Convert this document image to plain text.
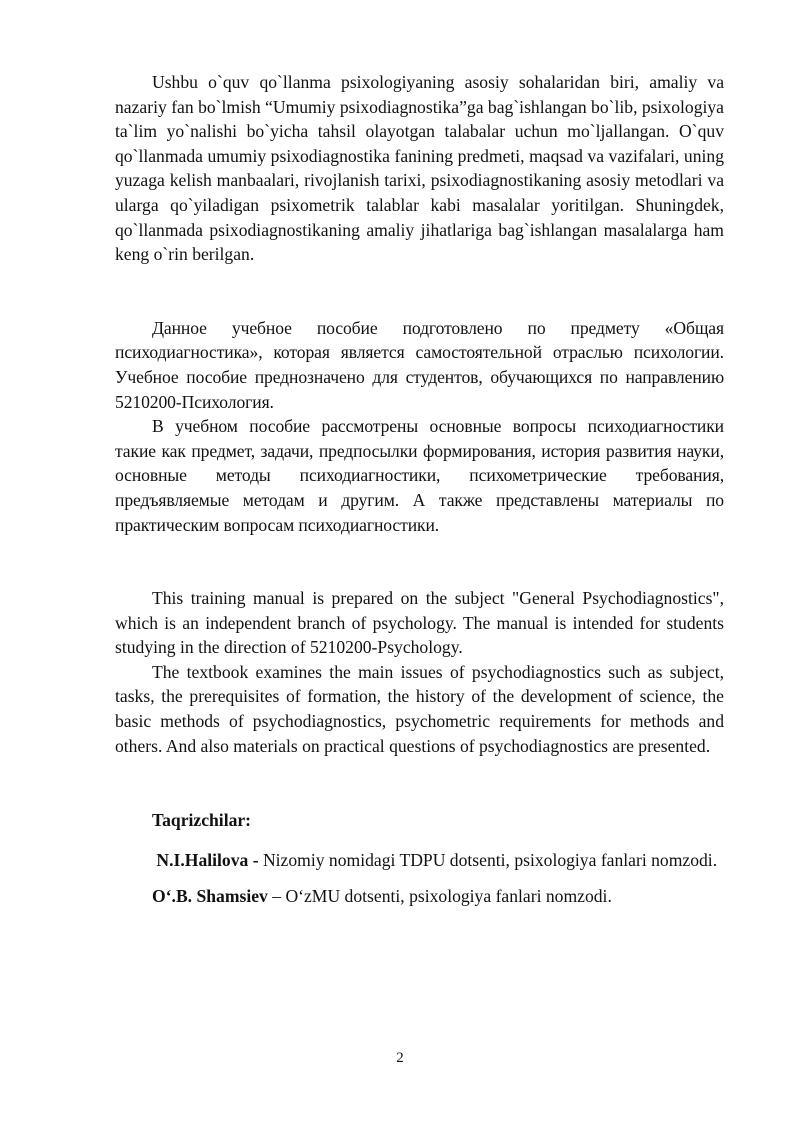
Ushbu o`quv qo`llanma psixologiyaning asosiy sohalaridan biri, amaliy va nazariy fan bo`lmish “Umumiy psixodiagnostika”ga bag`ishlangan bo`lib, psixologiya ta`lim yo`nalishi bo`yicha tahsil olayotgan talabalar uchun mo`ljallangan. O`quv qo`llanmada umumiy psixodiagnostika fanining predmeti, maqsad va vazifalari, uning yuzaga kelish manbaalari, rivojlanish tarixi, psixodiagnostikaning asosiy metodlari va ularga qo`yiladigan psixometrik talablar kabi masalalar yoritilgan. Shuningdek, qo`llanmada psixodiagnostikaning amaliy jihatlariga bag`ishlangan masalalarga ham keng o`rin berilgan.

Данное учебное пособие подготовлено по предмету «Общая психодиагностика», которая является самостоятельной отраслью психологии. Учебное пособие преднозначено для студентов, обучающихся по направлению 5210200-Психология.

В учебном пособие рассмотрены основные вопросы психодиагностики такие как предмет, задачи, предпосылки формирования, история развития науки, основные методы психодиагностики, психометрические требования, предъявляемые методам и другим. А также представлены материалы по практическим вопросам психодиагностики.

This training manual is prepared on the subject "General Psychodiagnostics", which is an independent branch of psychology. The manual is intended for students studying in the direction of 5210200-Psychology.

The textbook examines the main issues of psychodiagnostics such as subject, tasks, the prerequisites of formation, the history of the development of science, the basic methods of psychodiagnostics, psychometric requirements for methods and others. And also materials on practical questions of psychodiagnostics are presented.

Taqrizchilar:

N.I.Halilova - Nizomiy nomidagi TDPU dotsenti, psixologiya fanlari nomzodi.

O‘.B. Shamsiev – O‘zMU dotsenti, psixologiya fanlari nomzodi.

2
